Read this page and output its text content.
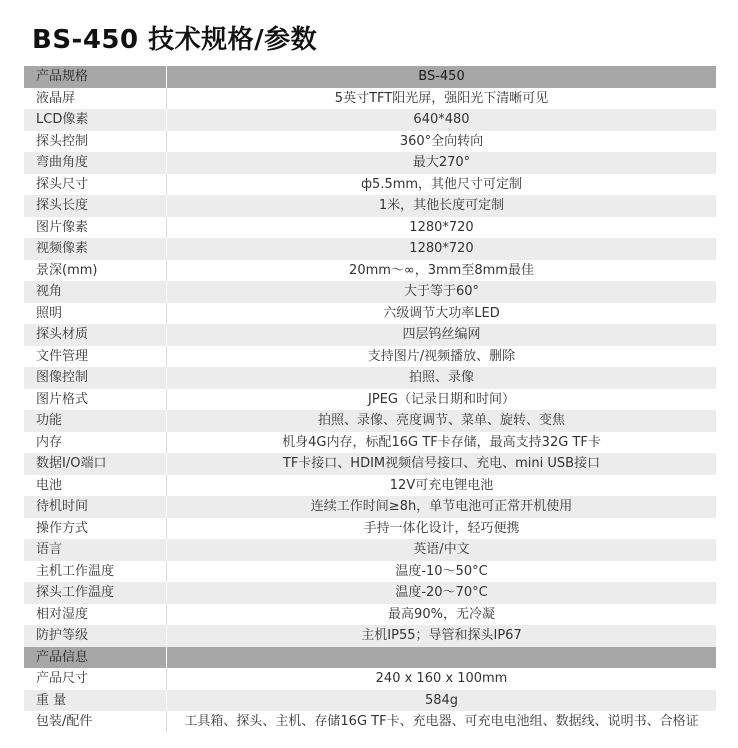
BS-450 技术规格/参数
产品规格	BS-450
液晶屏	5英寸TFT阳光屏，强阳光下清晰可见
LCD像素	640*480
探头控制	360°全向转向
弯曲角度	最大270°
探头尺寸	ф5.5mm，其他尺寸可定制
探头长度	1米，其他长度可定制
图片像素	1280*720
视频像素	1280*720
景深(mm)	20mm～∞，3mm至8mm最佳
视角	大于等于60°
照明	六级调节大功率LED
探头材质	四层钨丝编网
文件管理	支持图片/视频播放、删除
图像控制	拍照、录像
图片格式	JPEG（记录日期和时间）
功能	拍照、录像、亮度调节、菜单、旋转、变焦
内存	机身4G内存，标配16G TF卡存储，最高支持32G TF卡
数据I/O端口	TF卡接口、HDIM视频信号接口、充电、mini USB接口
电池	12V可充电锂电池
待机时间	连续工作时间≥8h，单节电池可正常开机使用
操作方式	手持一体化设计，轻巧便携
语言	英语/中文
主机工作温度	温度-10～50°C
探头工作温度	温度-20～70°C
相对湿度	最高90%，无冷凝
防护等级	主机IP55；导管和探头IP67
产品信息
产品尺寸	240 x 160 x 100mm
重 量	584g
包装/配件	工具箱、探头、主机、存储16G TF卡、充电器、可充电电池组、数据线、说明书、合格证
